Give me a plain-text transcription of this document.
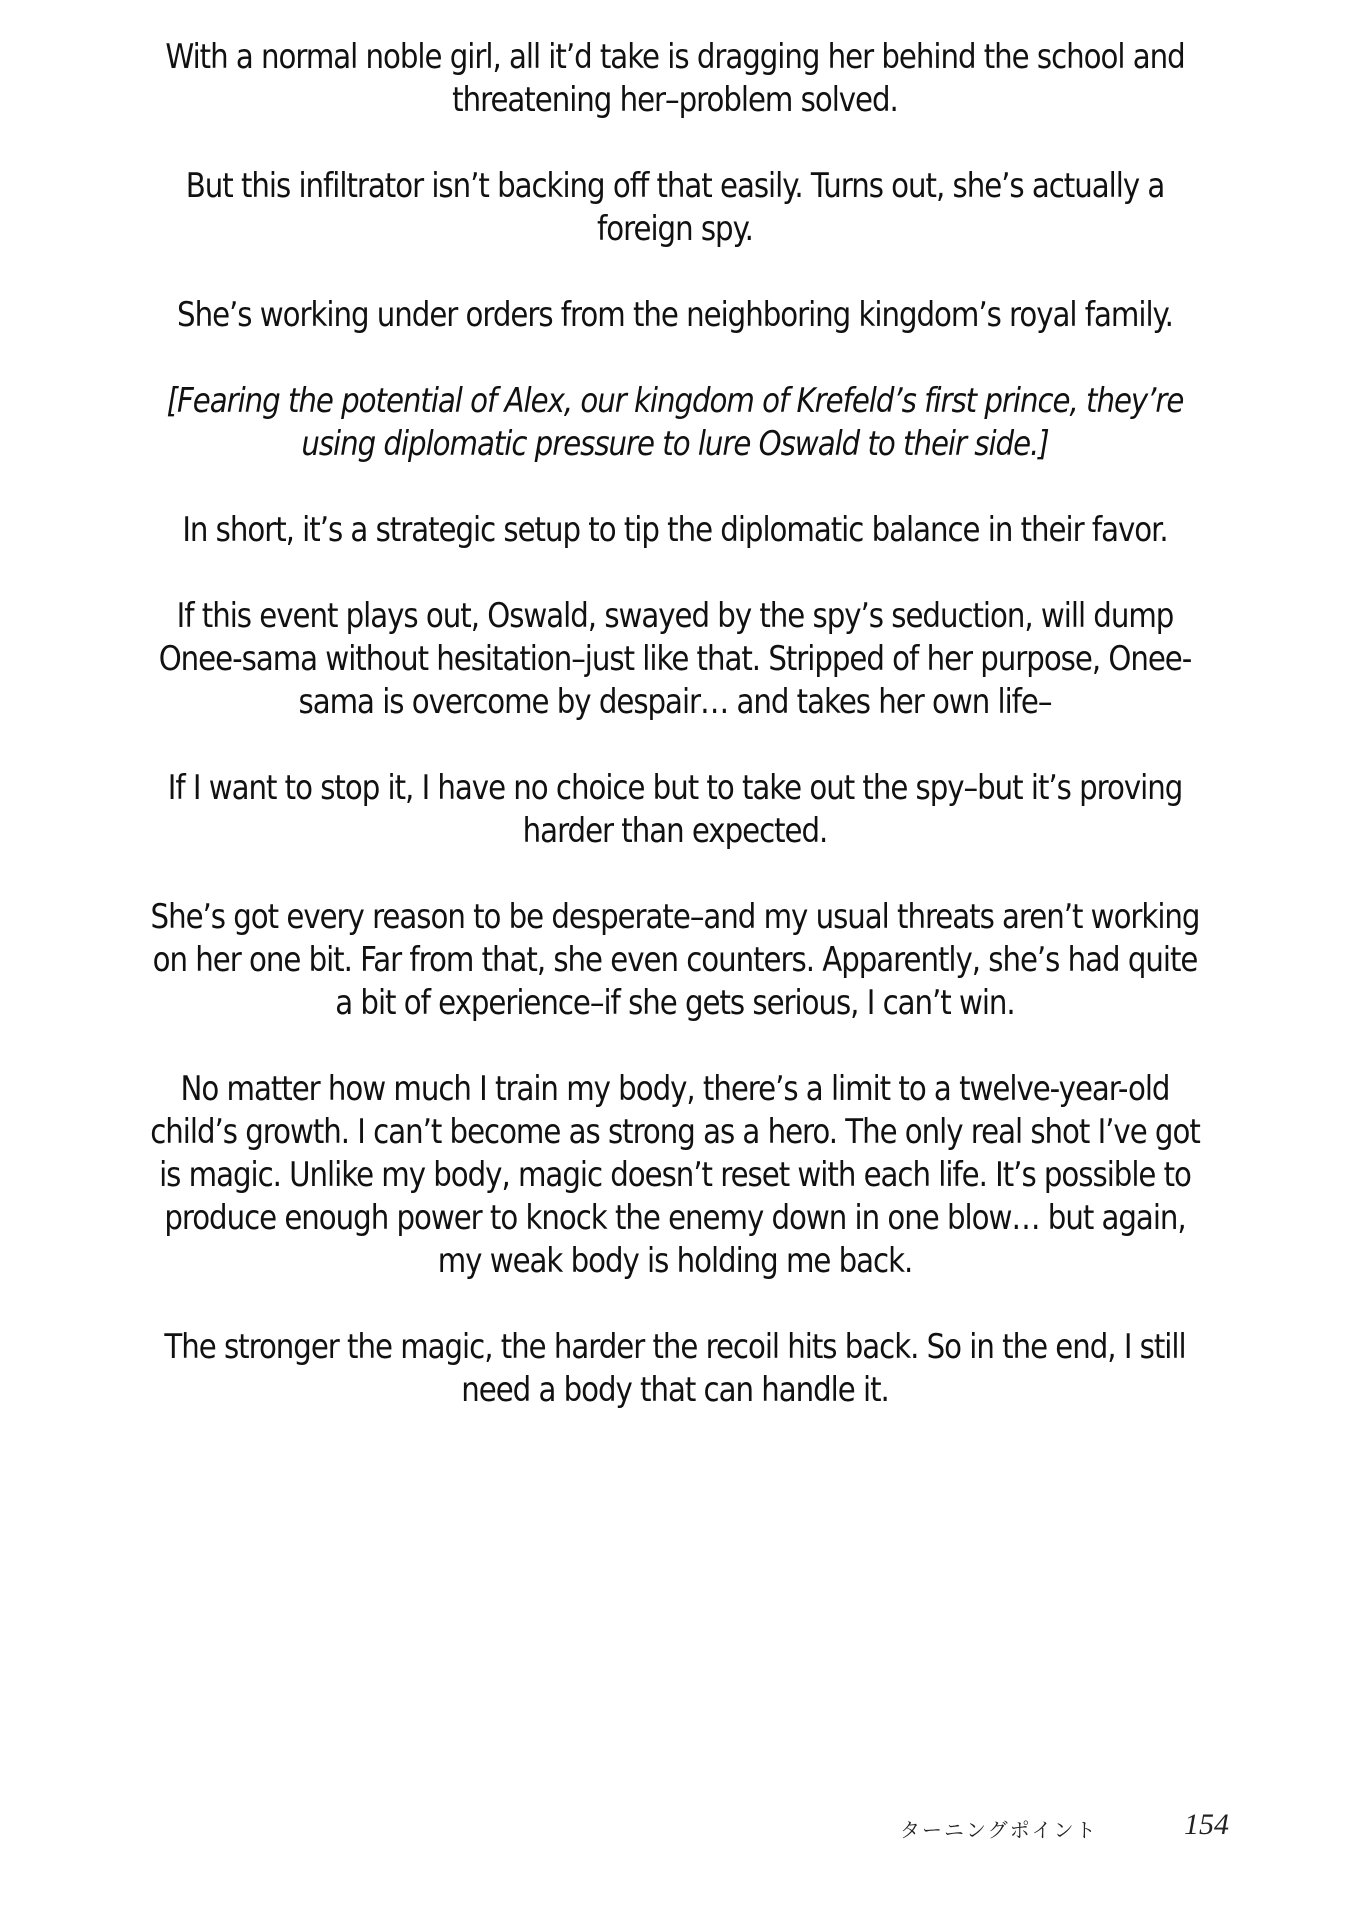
With a normal noble girl, all it’d take is dragging her behind the school and threatening her–problem solved.

But this infiltrator isn’t backing off that easily. Turns out, she’s actually a foreign spy.

She’s working under orders from the neighboring kingdom’s royal family.

[Fearing the potential of Alex, our kingdom of Krefeld’s first prince, they’re using diplomatic pressure to lure Oswald to their side.]

In short, it’s a strategic setup to tip the diplomatic balance in their favor.

If this event plays out, Oswald, swayed by the spy’s seduction, will dump Onee-sama without hesitation–just like that. Stripped of her purpose, Onee-sama is overcome by despair… and takes her own life–

If I want to stop it, I have no choice but to take out the spy–but it’s proving harder than expected.

She’s got every reason to be desperate–and my usual threats aren’t working on her one bit. Far from that, she even counters. Apparently, she’s had quite a bit of experience–if she gets serious, I can’t win.

No matter how much I train my body, there’s a limit to a twelve-year-old child’s growth. I can’t become as strong as a hero. The only real shot I’ve got is magic. Unlike my body, magic doesn’t reset with each life. It’s possible to produce enough power to knock the enemy down in one blow… but again, my weak body is holding me back.

The stronger the magic, the harder the recoil hits back. So in the end, I still need a body that can handle it.

ターニングポイント	154
